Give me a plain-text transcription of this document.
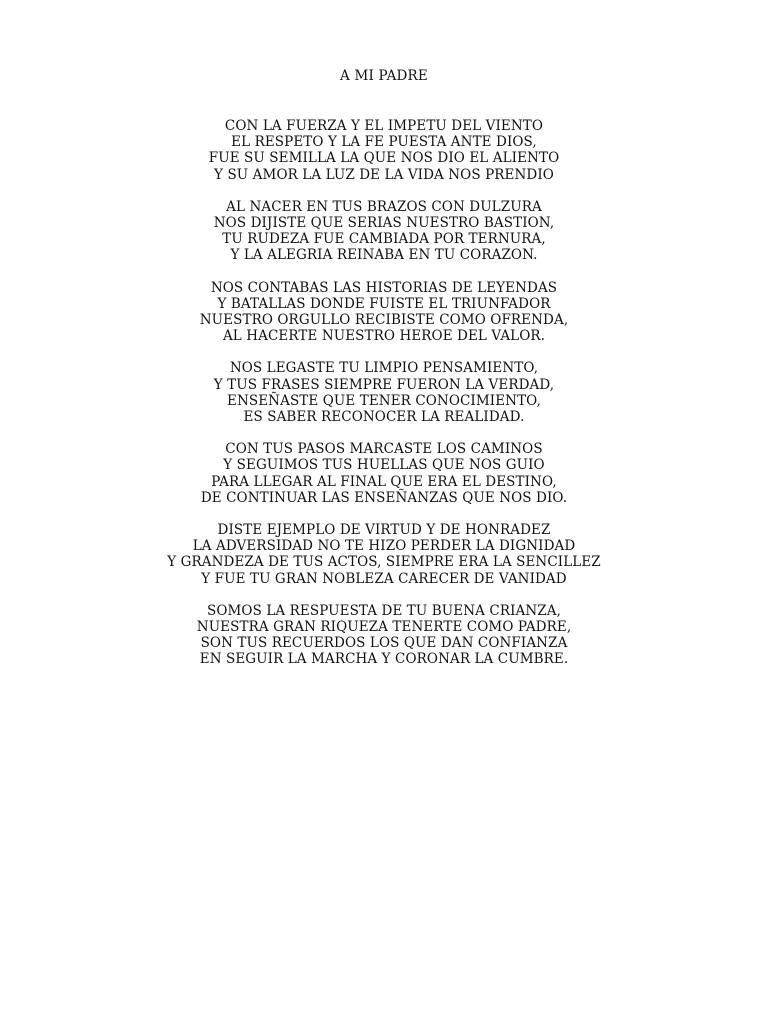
A MI PADRE
CON LA FUERZA Y EL IMPETU DEL VIENTO
EL RESPETO Y LA FE PUESTA ANTE DIOS,
FUE SU SEMILLA LA QUE NOS DIO EL ALIENTO
Y SU AMOR LA LUZ DE LA VIDA NOS PRENDIO
AL NACER EN TUS BRAZOS CON DULZURA
NOS DIJISTE QUE SERIAS NUESTRO BASTION,
TU RUDEZA FUE CAMBIADA POR TERNURA,
Y LA ALEGRIA REINABA EN TU CORAZON.
NOS CONTABAS LAS HISTORIAS DE LEYENDAS
Y BATALLAS DONDE FUISTE EL TRIUNFADOR
NUESTRO ORGULLO RECIBISTE COMO OFRENDA,
AL HACERTE NUESTRO HEROE DEL VALOR.
NOS LEGASTE TU LIMPIO PENSAMIENTO,
Y TUS FRASES SIEMPRE FUERON LA VERDAD,
ENSEÑASTE QUE TENER CONOCIMIENTO,
ES SABER RECONOCER LA REALIDAD.
CON TUS PASOS MARCASTE LOS CAMINOS
Y SEGUIMOS TUS HUELLAS QUE NOS GUIO
PARA LLEGAR AL FINAL QUE ERA EL DESTINO,
DE CONTINUAR LAS ENSEÑANZAS QUE NOS DIO.
DISTE EJEMPLO DE VIRTUD Y DE HONRADEZ
LA ADVERSIDAD NO TE HIZO PERDER LA DIGNIDAD
Y GRANDEZA DE TUS ACTOS, SIEMPRE ERA LA SENCILLEZ
Y FUE TU GRAN NOBLEZA CARECER DE VANIDAD
SOMOS LA RESPUESTA DE TU BUENA CRIANZA,
NUESTRA GRAN RIQUEZA TENERTE COMO PADRE,
SON TUS RECUERDOS LOS QUE DAN CONFIANZA
EN SEGUIR LA MARCHA Y CORONAR LA CUMBRE.
